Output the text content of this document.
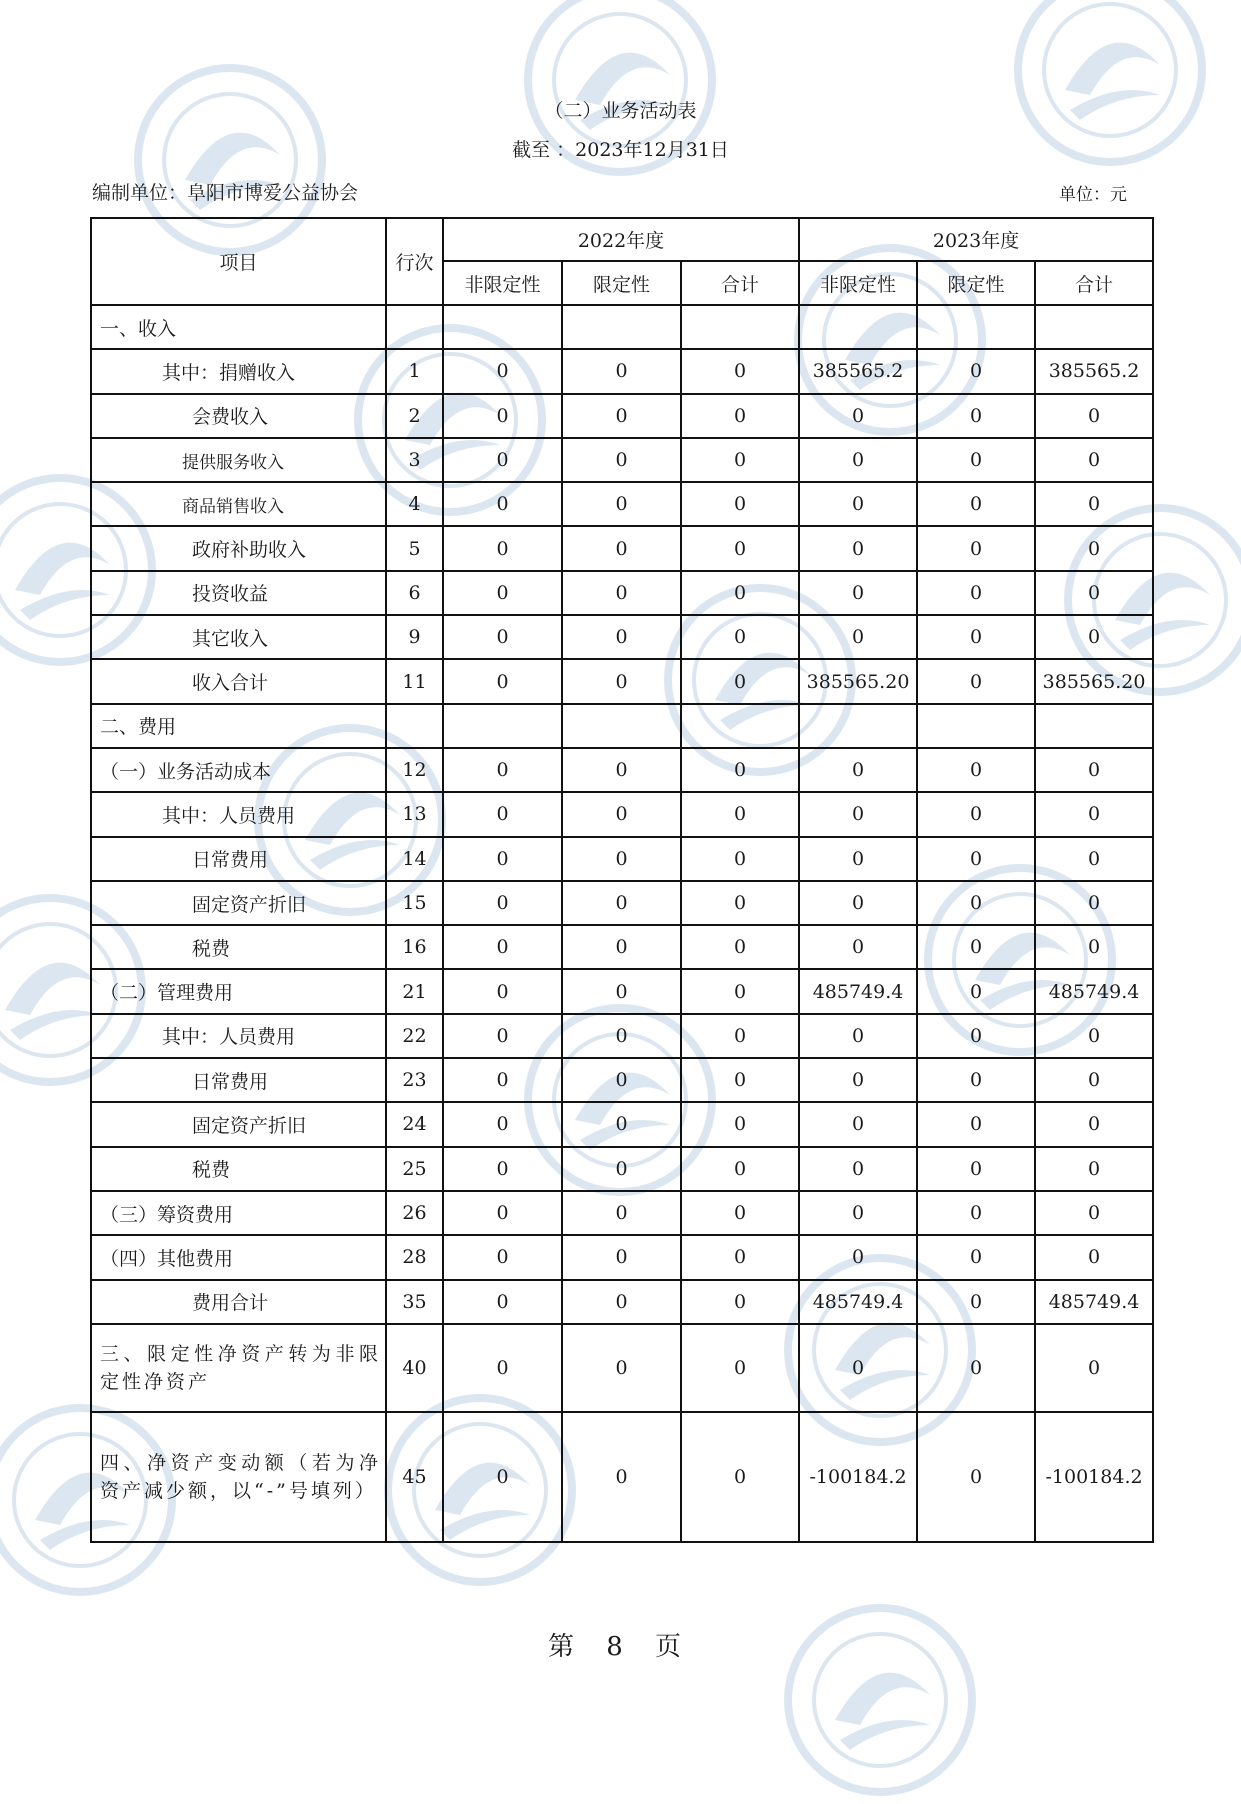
（二）业务活动表
截至 ：2023年12月31日
编制单位：阜阳市博爱公益协会	单位：元
项目	行次	2022年度			2023年度		
		非限定性	限定性	合计	非限定性	限定性	合计
一、收入							
其中：捐赠收入	1	0	0	0	385565.2	0	385565.2
会费收入	2	0	0	0	0	0	0
提供服务收入	3	0	0	0	0	0	0
商品销售收入	4	0	0	0	0	0	0
政府补助收入	5	0	0	0	0	0	0
投资收益	6	0	0	0	0	0	0
其它收入	9	0	0	0	0	0	0
收入合计	11	0	0	0	385565.20	0	385565.20
二、费用							
（一）业务活动成本	12	0	0	0	0	0	0
其中：人员费用	13	0	0	0	0	0	0
日常费用	14	0	0	0	0	0	0
固定资产折旧	15	0	0	0	0	0	0
税费	16	0	0	0	0	0	0
（二）管理费用	21	0	0	0	485749.4	0	485749.4
其中：人员费用	22	0	0	0	0	0	0
日常费用	23	0	0	0	0	0	0
固定资产折旧	24	0	0	0	0	0	0
税费	25	0	0	0	0	0	0
（三）筹资费用	26	0	0	0	0	0	0
（四）其他费用	28	0	0	0	0	0	0
费用合计	35	0	0	0	485749.4	0	485749.4
三、限定性净资产转为非限定性净资产	40	0	0	0	0	0	0
四、净资产变动额（若为净资产减少额，以“-”号填列）	45	0	0	0	-100184.2	0	-100184.2
第 8 页
